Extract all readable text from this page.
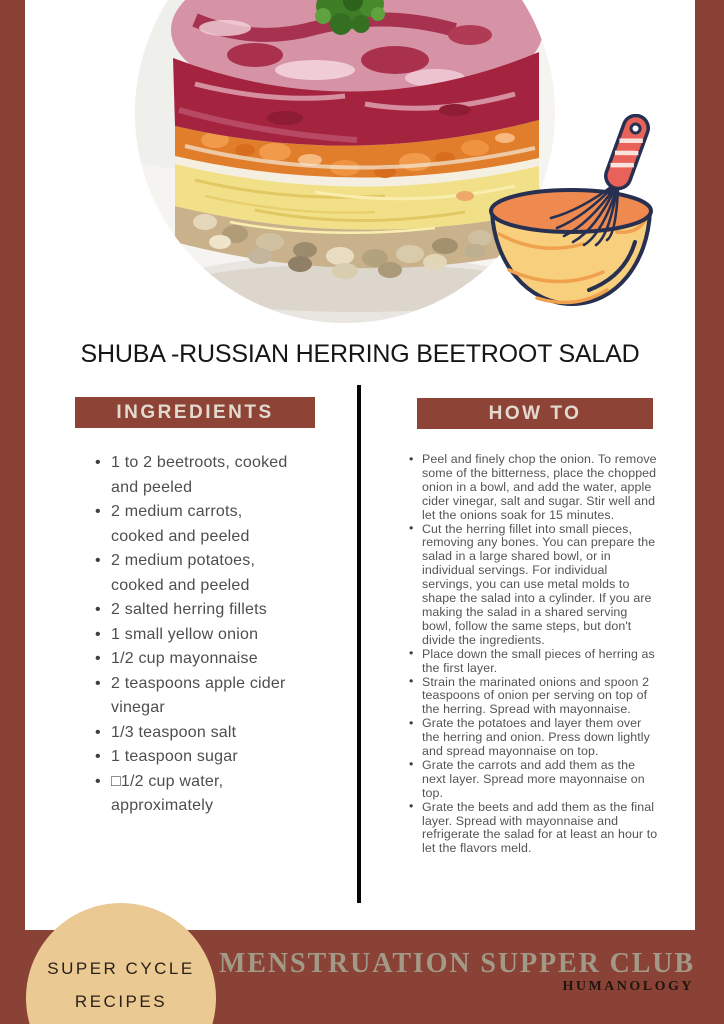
SHUBA -RUSSIAN HERRING BEETROOT SALAD
INGREDIENTS	HOW TO
• 1 to 2 beetroots, cooked and peeled
• 2 medium carrots, cooked and peeled
• 2 medium potatoes, cooked and peeled
• 2 salted herring fillets
• 1 small yellow onion
• 1/2 cup mayonnaise
• 2 teaspoons apple cider vinegar
• 1/3 teaspoon salt
• 1 teaspoon sugar
• □1/2 cup water, approximately
• Peel and finely chop the onion. To remove some of the bitterness, place the chopped onion in a bowl, and add the water, apple cider vinegar, salt and sugar. Stir well and let the onions soak for 15 minutes.
• Cut the herring fillet into small pieces, removing any bones. You can prepare the salad in a large shared bowl, or in individual servings. For individual servings, you can use metal molds to shape the salad into a cylinder. If you are making the salad in a shared serving bowl, follow the same steps, but don't divide the ingredients.
• Place down the small pieces of herring as the first layer.
• Strain the marinated onions and spoon 2 teaspoons of onion per serving on top of the herring. Spread with mayonnaise.
• Grate the potatoes and layer them over the herring and onion. Press down lightly and spread mayonnaise on top.
• Grate the carrots and add them as the next layer. Spread more mayonnaise on top.
• Grate the beets and add them as the final layer. Spread with mayonnaise and refrigerate the salad for at least an hour to let the flavors meld.
SUPER CYCLE
RECIPES
MENSTRUATION SUPPER CLUB
HUMANOLOGY
